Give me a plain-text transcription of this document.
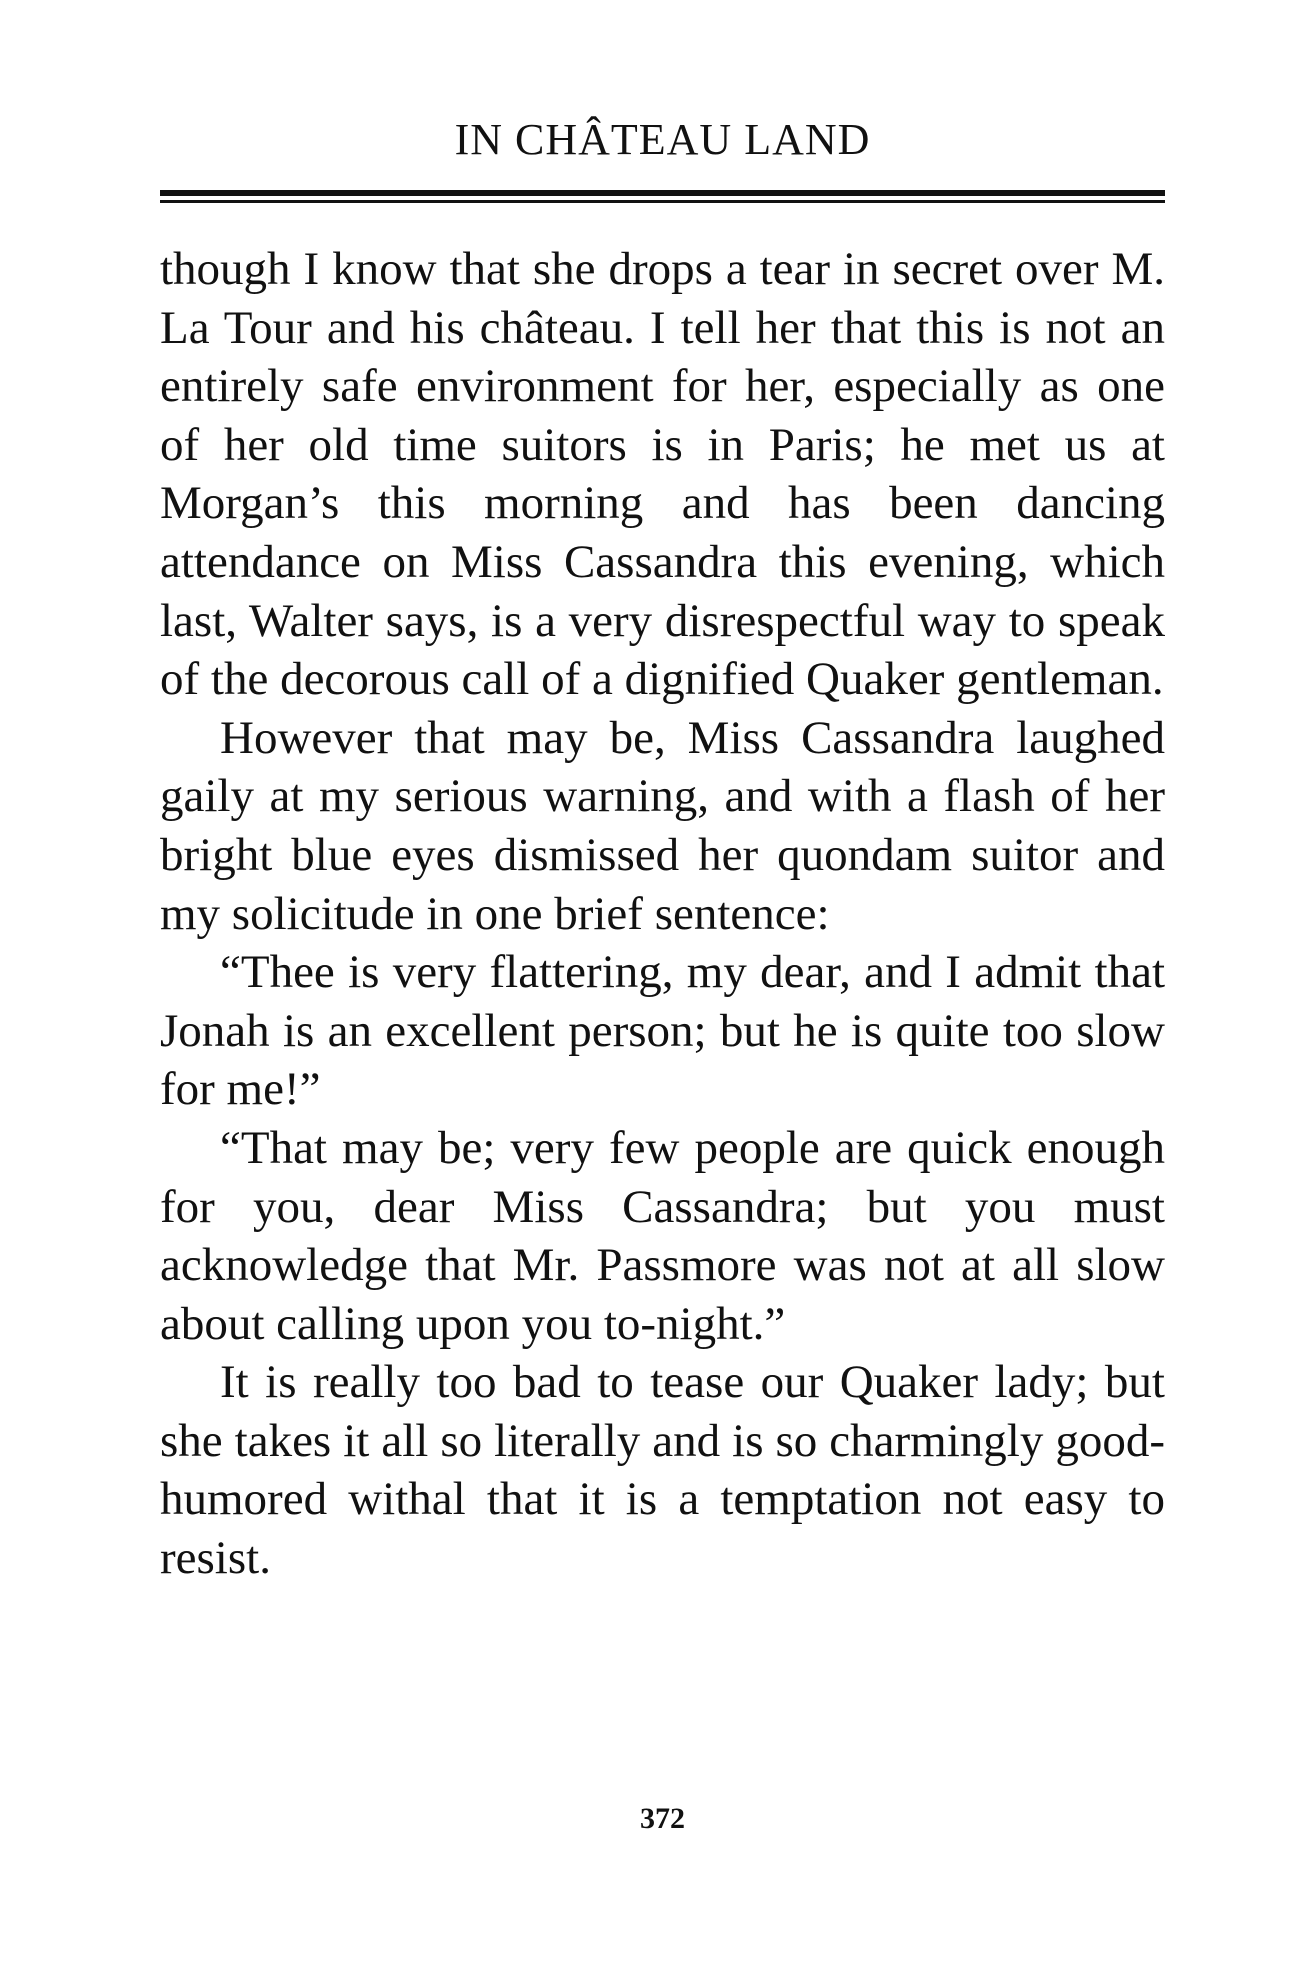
IN CHÂTEAU LAND

though I know that she drops a tear in secret over M. La Tour and his château. I tell her that this is not an entirely safe environment for her, especially as one of her old time suitors is in Paris; he met us at Morgan’s this morning and has been dancing attendance on Miss Cassandra this evening, which last, Walter says, is a very disrespectful way to speak of the decorous call of a dignified Quaker gentleman.

However that may be, Miss Cassandra laughed gaily at my serious warning, and with a flash of her bright blue eyes dismissed her quondam suitor and my solicitude in one brief sentence:

“Thee is very flattering, my dear, and I admit that Jonah is an excellent person; but he is quite too slow for me!”

“That may be; very few people are quick enough for you, dear Miss Cassandra; but you must acknowledge that Mr. Passmore was not at all slow about calling upon you to-night.”

It is really too bad to tease our Quaker lady; but she takes it all so literally and is so charmingly good-humored withal that it is a temptation not easy to resist.

372
